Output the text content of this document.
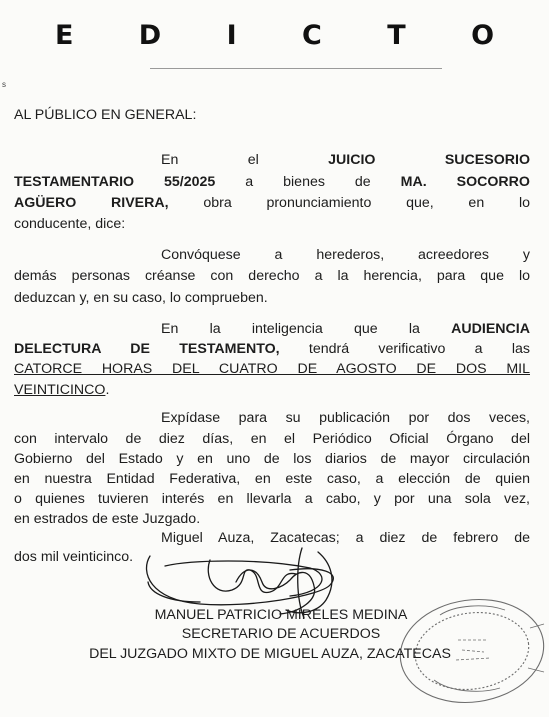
E D I C T O
s
AL PÚBLICO EN GENERAL:
En	el	JUICIO	SUCESORIO
TESTAMENTARIO 55/2025 a bienes de MA. SOCORRO
AGÜERO RIVERA, obra pronunciamiento que, en lo
conducente, dice:
Convóquese a herederos, acreedores y
demás personas créanse con derecho a la herencia, para que lo
deduzcan y, en su caso, lo comprueben.
En la inteligencia que la AUDIENCIA
DELECTURA DE TESTAMENTO, tendrá verificativo a las
CATORCE HORAS DEL CUATRO DE AGOSTO DE DOS MIL
VEINTICINCO.
Expídase para su publicación por dos veces,
con intervalo de diez días, en el Periódico Oficial Órgano del
Gobierno del Estado y en uno de los diarios de mayor circulación
en nuestra Entidad Federativa, en este caso, a elección de quien
o quienes tuvieren interés en llevarla a cabo, y por una sola vez,
en estrados de este Juzgado.
Miguel Auza, Zacatecas; a diez de febrero de
dos mil veinticinco.
MANUEL PATRICIO MIRELES MEDINA
SECRETARIO DE ACUERDOS
DEL JUZGADO MIXTO DE MIGUEL AUZA, ZACATECAS
